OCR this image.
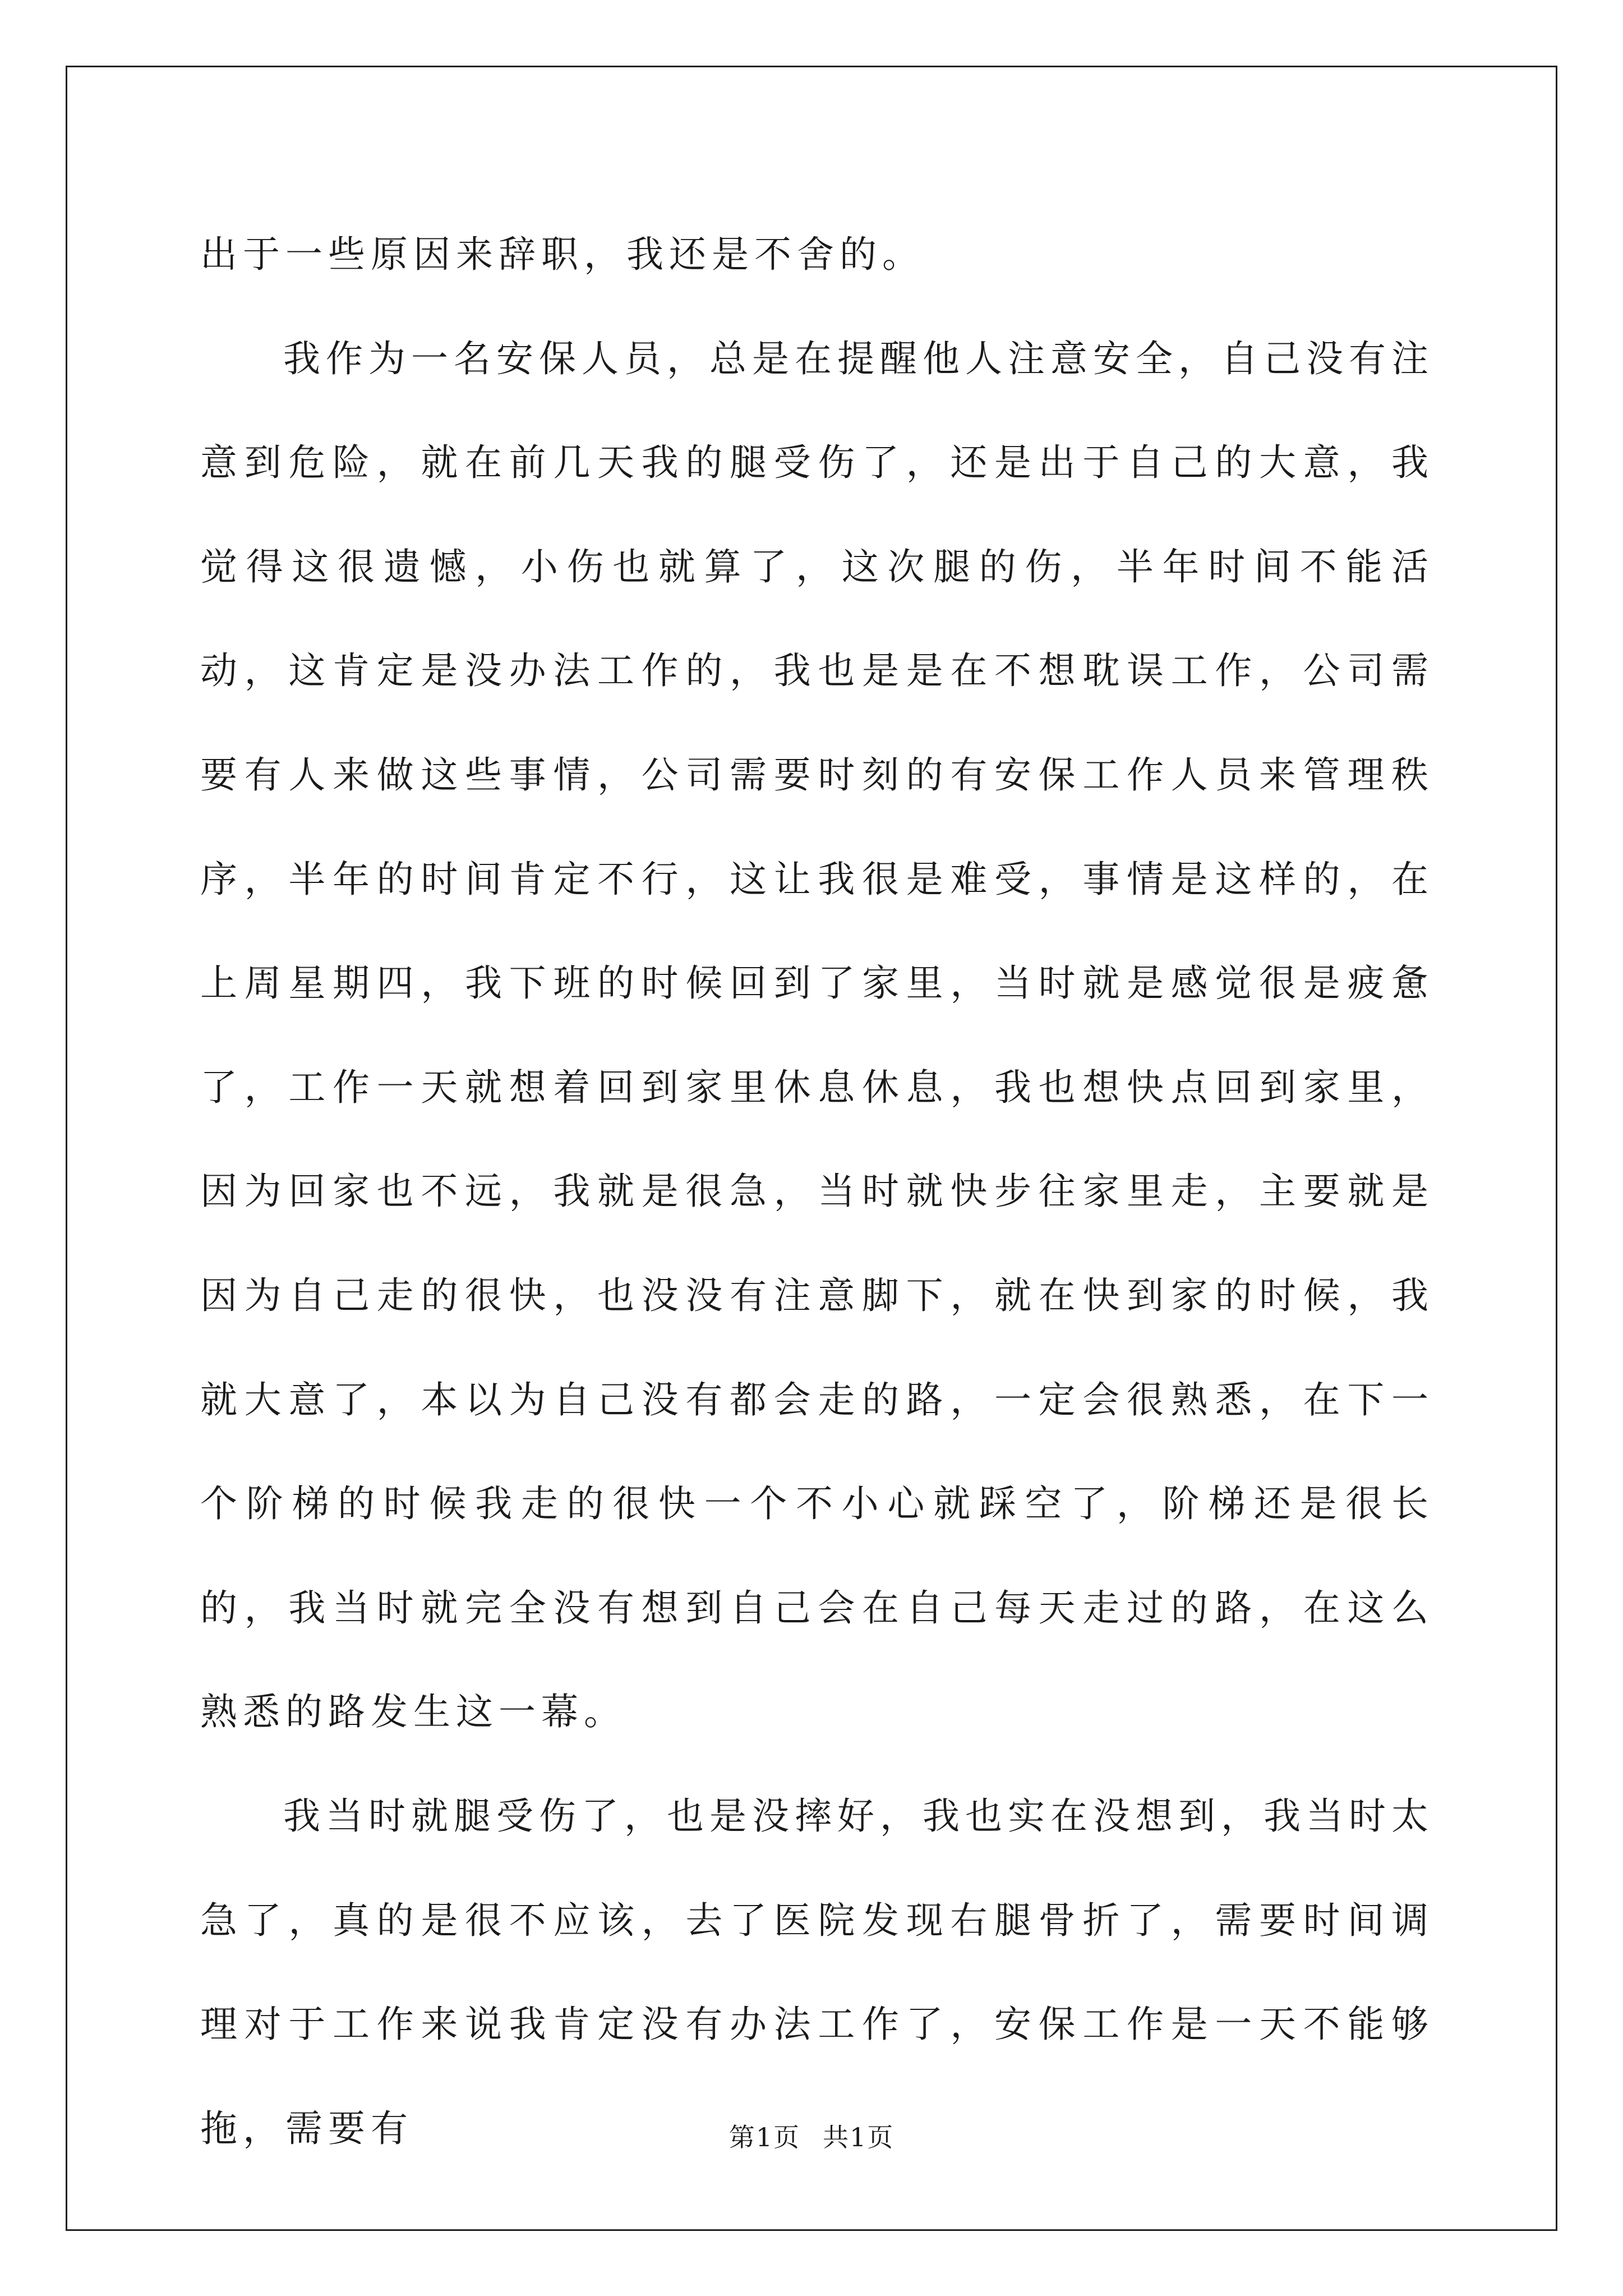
出于一些原因来辞职，我还是不舍的。

我作为一名安保人员，总是在提醒他人注意安全，自己没有注意到危险，就在前几天我的腿受伤了，还是出于自己的大意，我觉得这很遗憾，小伤也就算了，这次腿的伤，半年时间不能活动，这肯定是没办法工作的，我也是是在不想耽误工作，公司需要有人来做这些事情，公司需要时刻的有安保工作人员来管理秩序，半年的时间肯定不行，这让我很是难受，事情是这样的，在上周星期四，我下班的时候回到了家里，当时就是感觉很是疲惫了，工作一天就想着回到家里休息休息，我也想快点回到家里，因为回家也不远，我就是很急，当时就快步往家里走，主要就是因为自己走的很快，也没没有注意脚下，就在快到家的时候，我就大意了，本以为自己没有都会走的路，一定会很熟悉，在下一个阶梯的时候我走的很快一个不小心就踩空了，阶梯还是很长的，我当时就完全没有想到自己会在自己每天走过的路，在这么熟悉的路发生这一幕。

我当时就腿受伤了，也是没摔好，我也实在没想到，我当时太急了，真的是很不应该，去了医院发现右腿骨折了，需要时间调理对于工作来说我肯定没有办法工作了，安保工作是一天不能够拖，需要有	第1页 共1页
